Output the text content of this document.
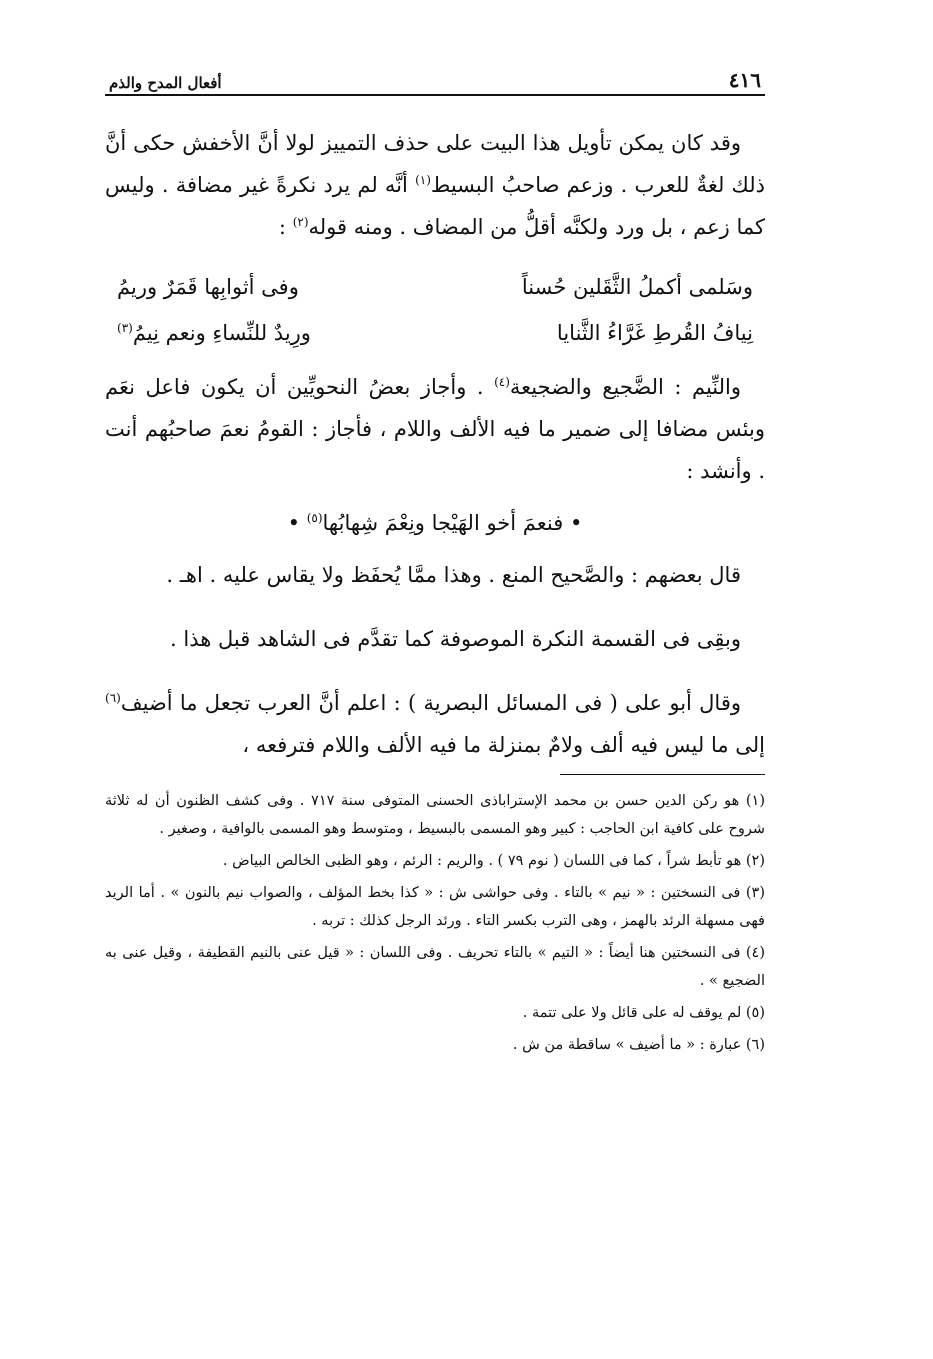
٤١٦
أفعال المدح والذم

وقد كان يمكن تأويل هذا البيت على حذف التمييز لولا أنَّ الأخفش حكى أنَّ ذلك لغةٌ للعرب . وزعم صاحبُ البسيط$^{(١)}$ أنَّه لم يرد نكرةً غير مضافة . وليس كما زعم ، بل ورد ولكنَّه أقلُّ من المضاف . ومنه قوله$^{(٢)}$ :

وسَلمى أكملُ الثَّقَلين حُسناً
وفى أثوابِها قَمَرٌ وريمُ
نِيافُ القُرطِ غَرَّاءُ الثَّنايا
ورِيدٌ للنِّساءِ ونعم نِيمُ$^{(٣)}$

والنِّيم : الضَّجيع والضجيعة$^{(٤)}$ . وأجاز بعضُ النحويِّين أن يكون فاعل نعَم وبئس مضافا إلى ضمير ما فيه الألف واللام ، فأجاز : القومُ نعمَ صاحبُهم أنت . وأنشد :

• فنعمَ أخو الهَيْجا ونِعْمَ شِهابُها$^{(٥)}$ •

قال بعضهم : والصَّحيح المنع . وهذا ممَّا يُحفَظ ولا يقاس عليه . اهـ .

وبقِى فى القسمة النكرة الموصوفة كما تقدَّم فى الشاهد قبل هذا .

وقال أبو على ( فى المسائل البصرية ) : اعلم أنَّ العرب تجعل ما أضيف$^{(٦)}$ إلى ما ليس فيه ألف ولامٌ بمنزلة ما فيه الألف واللام فترفعه ،

(١) هو ركن الدين حسن بن محمد الإستراباذى الحسنى المتوفى سنة ٧١٧ . وفى كشف الظنون أن له ثلاثة شروح على كافية ابن الحاجب : كبير وهو المسمى بالبسيط ، ومتوسط وهو المسمى بالوافية ، وصغير .

(٢) هو تأبط شراً ، كما فى اللسان ( نوم ٧٩ ) . والريم : الرئم ، وهو الظبى الخالص البياض .

(٣) فى النسختين : « نيم » بالتاء . وفى حواشى ش : « كذا بخط المؤلف ، والصواب نيم بالنون » . أما الريد فهى مسهلة الرئد بالهمز ، وهى الترب بكسر التاء . ورئد الرجل كذلك : تربه .

(٤) فى النسختين هنا أيضاً : « التيم » بالتاء تحريف . وفى اللسان : « قيل عنى بالنيم القطيفة ، وقيل عنى به الضجيع » .

(٥) لم يوقف له على قائل ولا على تتمة .

(٦) عبارة : « ما أضيف » ساقطة من ش .
